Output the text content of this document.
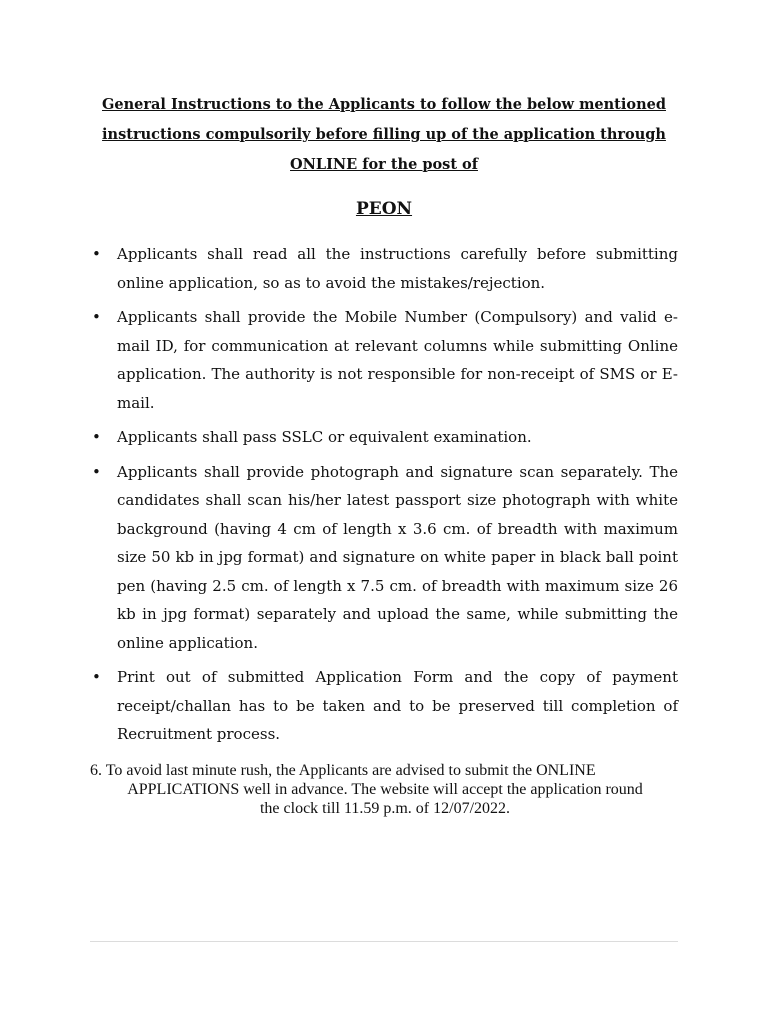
General Instructions to the Applicants to follow the below mentioned
instructions compulsorily before filling up of the application through
ONLINE for the post of
PEON
• Applicants shall read all the instructions carefully before submitting online application, so as to avoid the mistakes/rejection.
• Applicants shall provide the Mobile Number (Compulsory) and valid e-mail ID, for communication at relevant columns while submitting Online application. The authority is not responsible for non-receipt of SMS or E-mail.
• Applicants shall pass SSLC or equivalent examination.
• Applicants shall provide photograph and signature scan separately. The candidates shall scan his/her latest passport size photograph with white background (having 4 cm of length x 3.6 cm. of breadth with maximum size 50 kb in jpg format) and signature on white paper in black ball point pen (having 2.5 cm. of length x 7.5 cm. of breadth with maximum size 26 kb in jpg format) separately and upload the same, while submitting the online application.
• Print out of submitted Application Form and the copy of payment receipt/challan has to be taken and to be preserved till completion of Recruitment process.
6. To avoid last minute rush, the Applicants are advised to submit the ONLINE
APPLICATIONS well in advance. The website will accept the application round
the clock till 11.59 p.m. of 12/07/2022.
